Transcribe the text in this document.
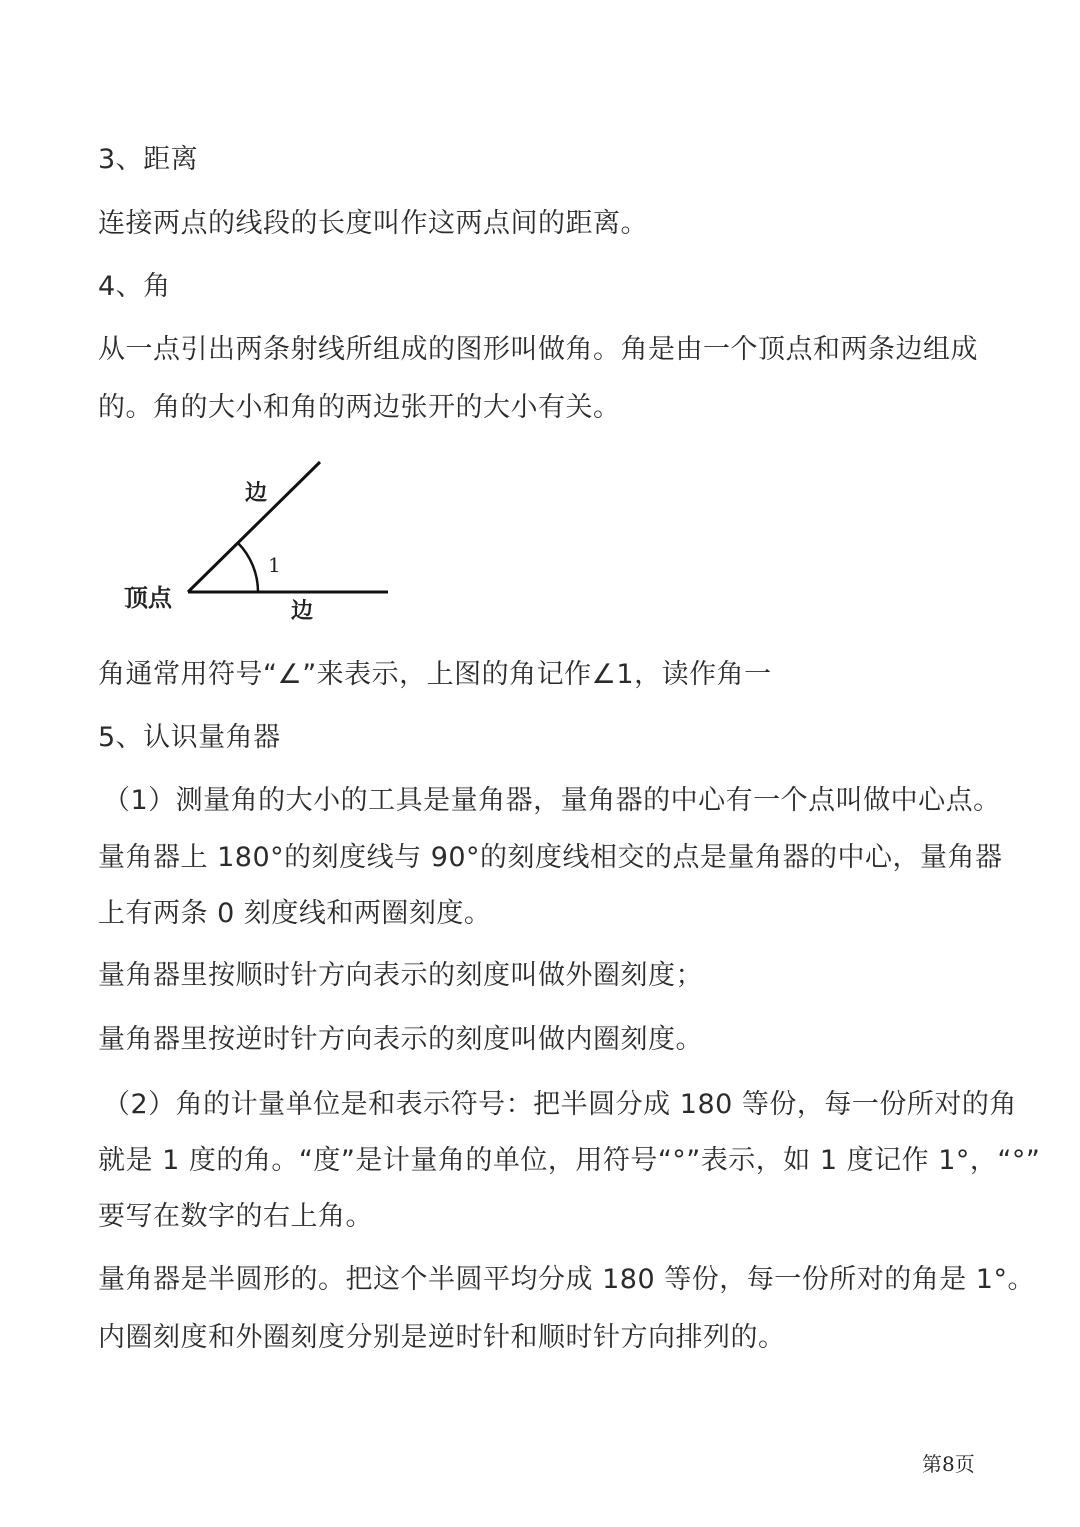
3、距离

连接两点的线段的长度叫作这两点间的距离。

4、角

从一点引出两条射线所组成的图形叫做角。角是由一个顶点和两条边组成

的。角的大小和角的两边张开的大小有关。

边
边
顶点
1

角通常用符号“∠”来表示，上图的角记作∠1，读作角一

5、认识量角器

（1）测量角的大小的工具是量角器，量角器的中心有一个点叫做中心点。

量角器上 180°的刻度线与 90°的刻度线相交的点是量角器的中心，量角器

上有两条 0 刻度线和两圈刻度。

量角器里按顺时针方向表示的刻度叫做外圈刻度；

量角器里按逆时针方向表示的刻度叫做内圈刻度。

（2）角的计量单位是和表示符号：把半圆分成 180 等份，每一份所对的角

就是 1 度的角。“度”是计量角的单位，用符号“°”表示，如 1 度记作 1°，“°”

要写在数字的右上角。

量角器是半圆形的。把这个半圆平均分成 180 等份，每一份所对的角是 1°。

内圈刻度和外圈刻度分别是逆时针和顺时针方向排列的。

第8页
